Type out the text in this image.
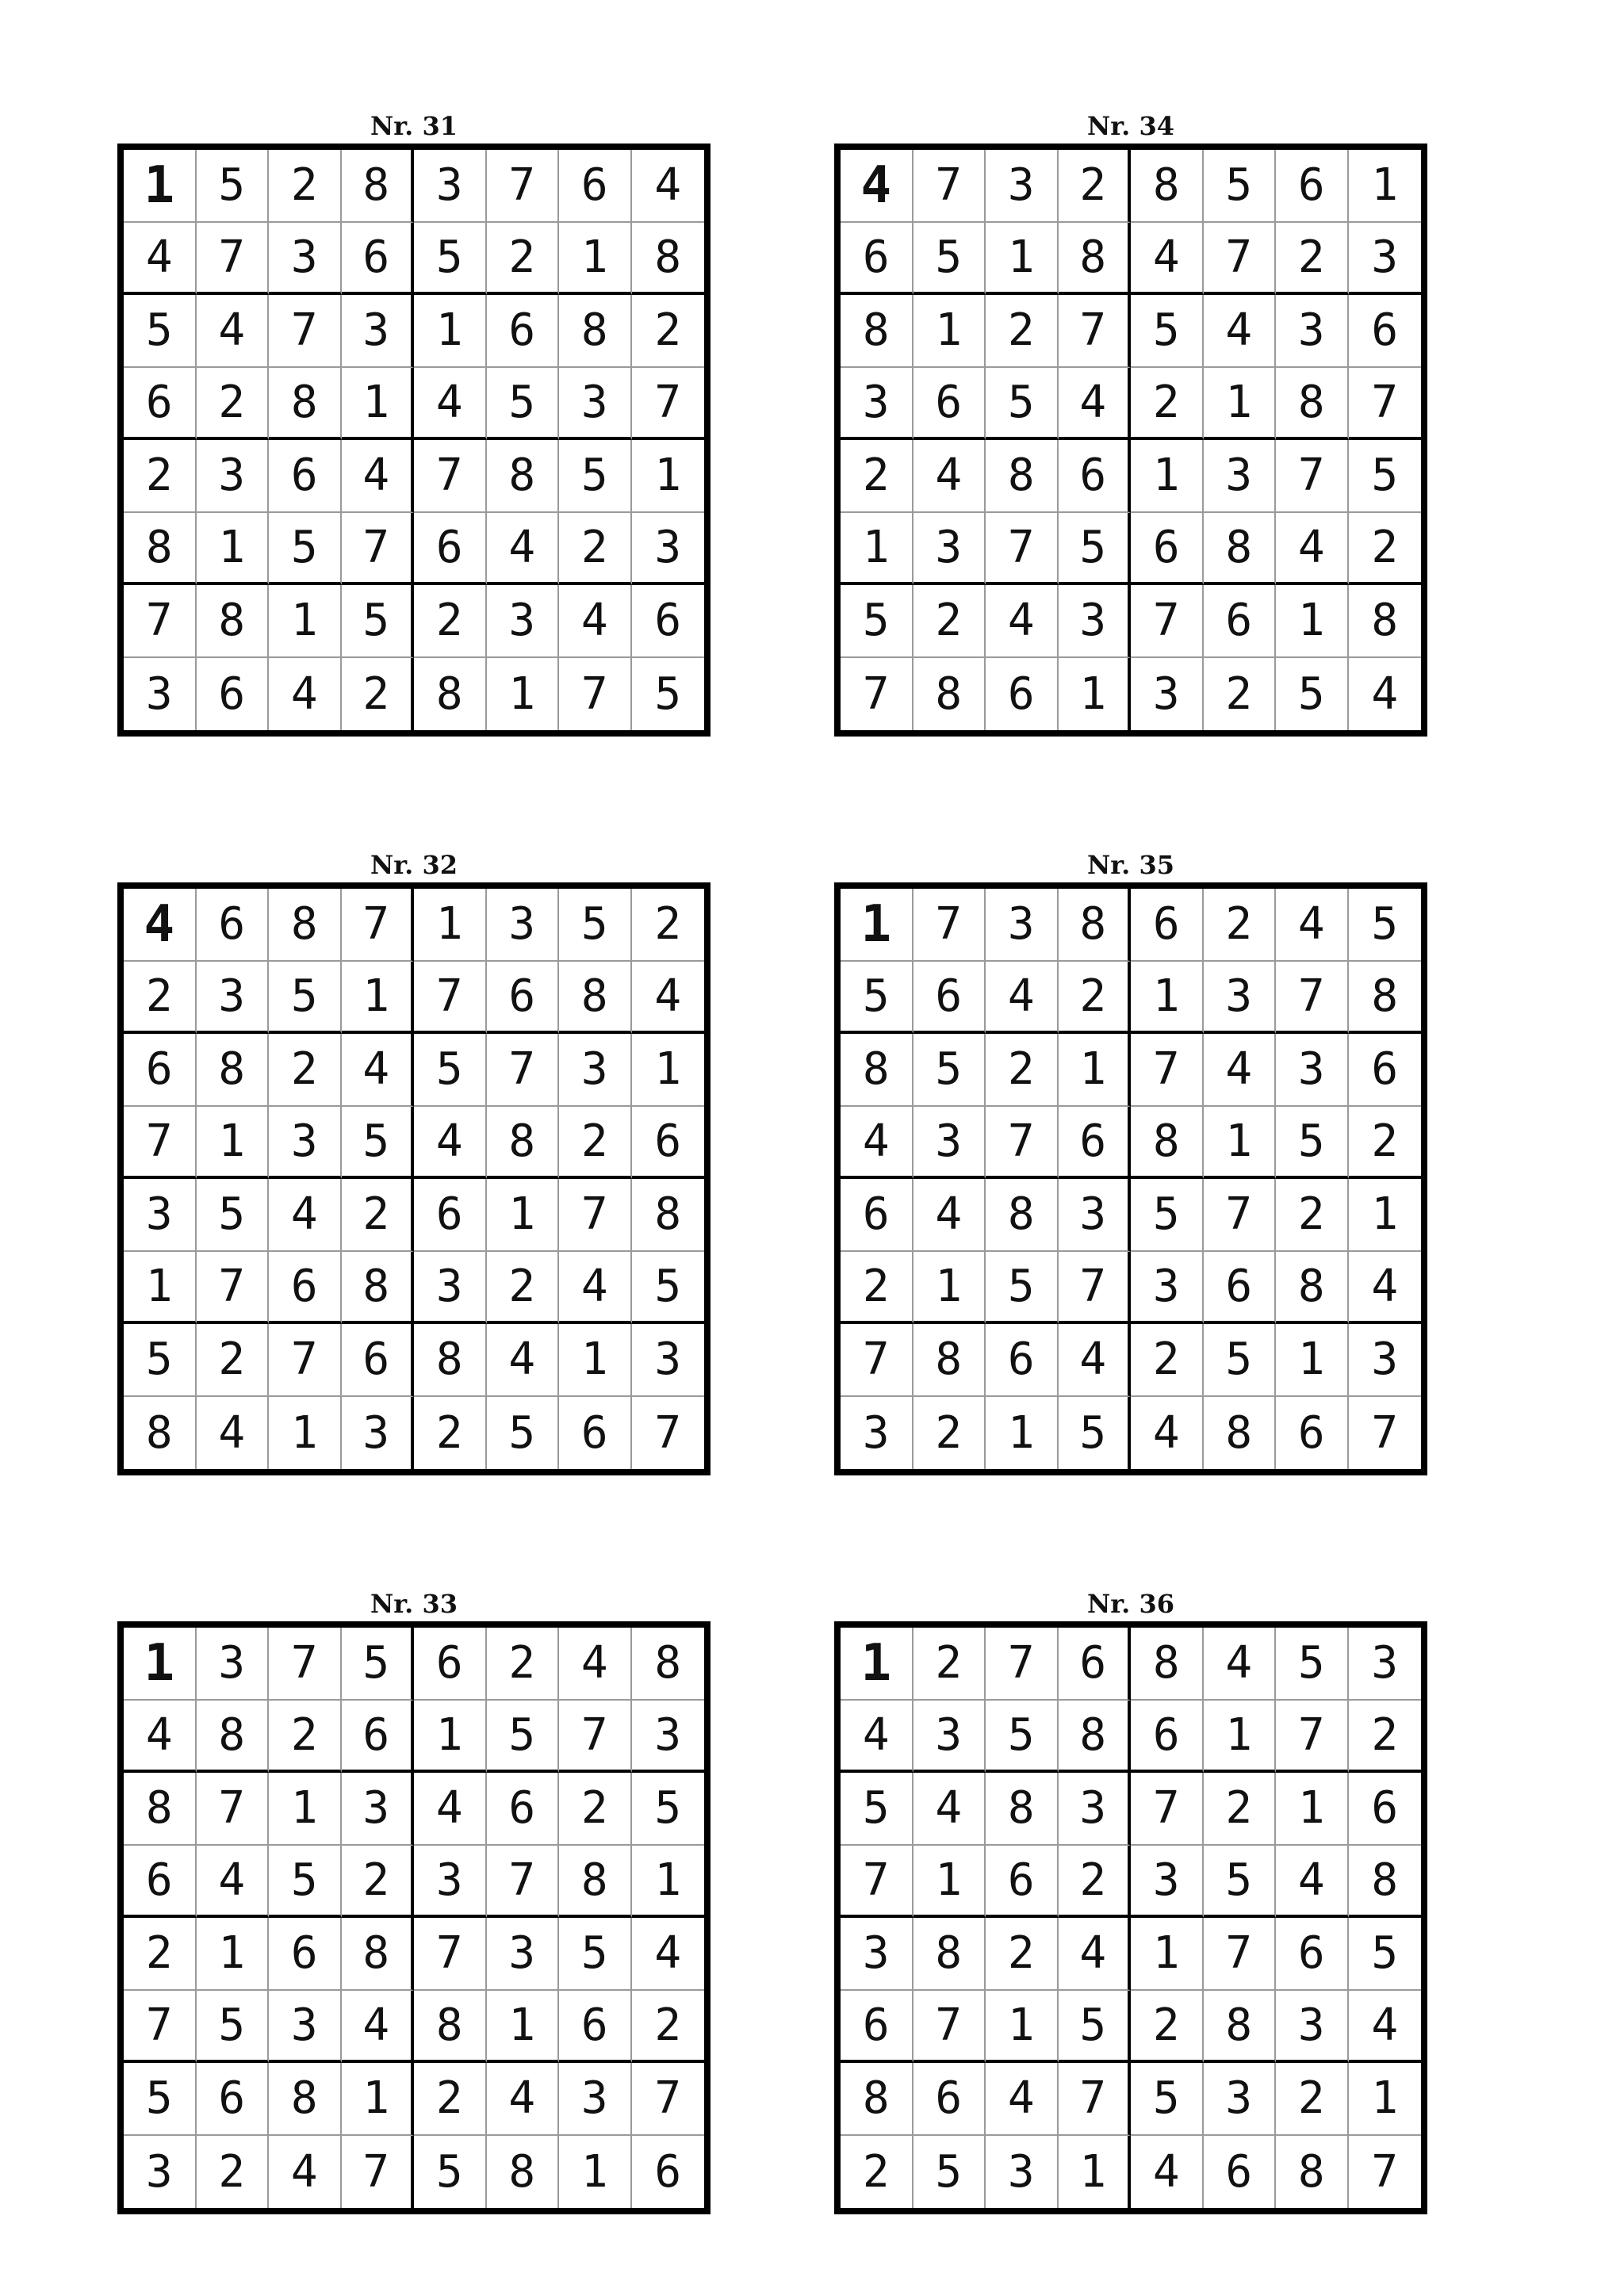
Nr. 31
1 5	2	8	3	7	6	4
4	7	3	6	5	2	1	8
5	4	7	3	1	6	8	2
6	2	8	1	4	5	3	7
2	3	6	4	7	8	5	1
8	1	5	7	6	4	2	3
7	8	1	5	2	3	4	6
3	6	4	2	8	1	7	5
Nr. 34
4 7	3	2	8	5	6	1
6	5	1	8	4	7	2	3
8	1	2	7	5	4	3	6
3	6	5	4	2	1	8	7
2	4	8	6	1	3	7	5
1	3	7	5	6	8	4	2
5	2	4	3	7	6	1	8
7	8	6	1	3	2	5	4
Nr. 32
4 6	8	7	1	3	5	2
2	3	5	1	7	6	8	4
6	8	2	4	5	7	3	1
7	1	3	5	4	8	2	6
3	5	4	2	6	1	7	8
1	7	6	8	3	2	4	5
5	2	7	6	8	4	1	3
8	4	1	3	2	5	6	7
Nr. 35
1 7	3	8	6	2	4	5
5	6	4	2	1	3	7	8
8	5	2	1	7	4	3	6
4	3	7	6	8	1	5	2
6	4	8	3	5	7	2	1
2	1	5	7	3	6	8	4
7	8	6	4	2	5	1	3
3	2	1	5	4	8	6	7
Nr. 33
1 3	7	5	6	2	4	8
4	8	2	6	1	5	7	3
8	7	1	3	4	6	2	5
6	4	5	2	3	7	8	1
2	1	6	8	7	3	5	4
7	5	3	4	8	1	6	2
5	6	8	1	2	4	3	7
3	2	4	7	5	8	1	6
Nr. 36
1 2	7	6	8	4	5	3
4	3	5	8	6	1	7	2
5	4	8	3	7	2	1	6
7	1	6	2	3	5	4	8
3	8	2	4	1	7	6	5
6	7	1	5	2	8	3	4
8	6	4	7	5	3	2	1
2	5	3	1	4	6	8	7
